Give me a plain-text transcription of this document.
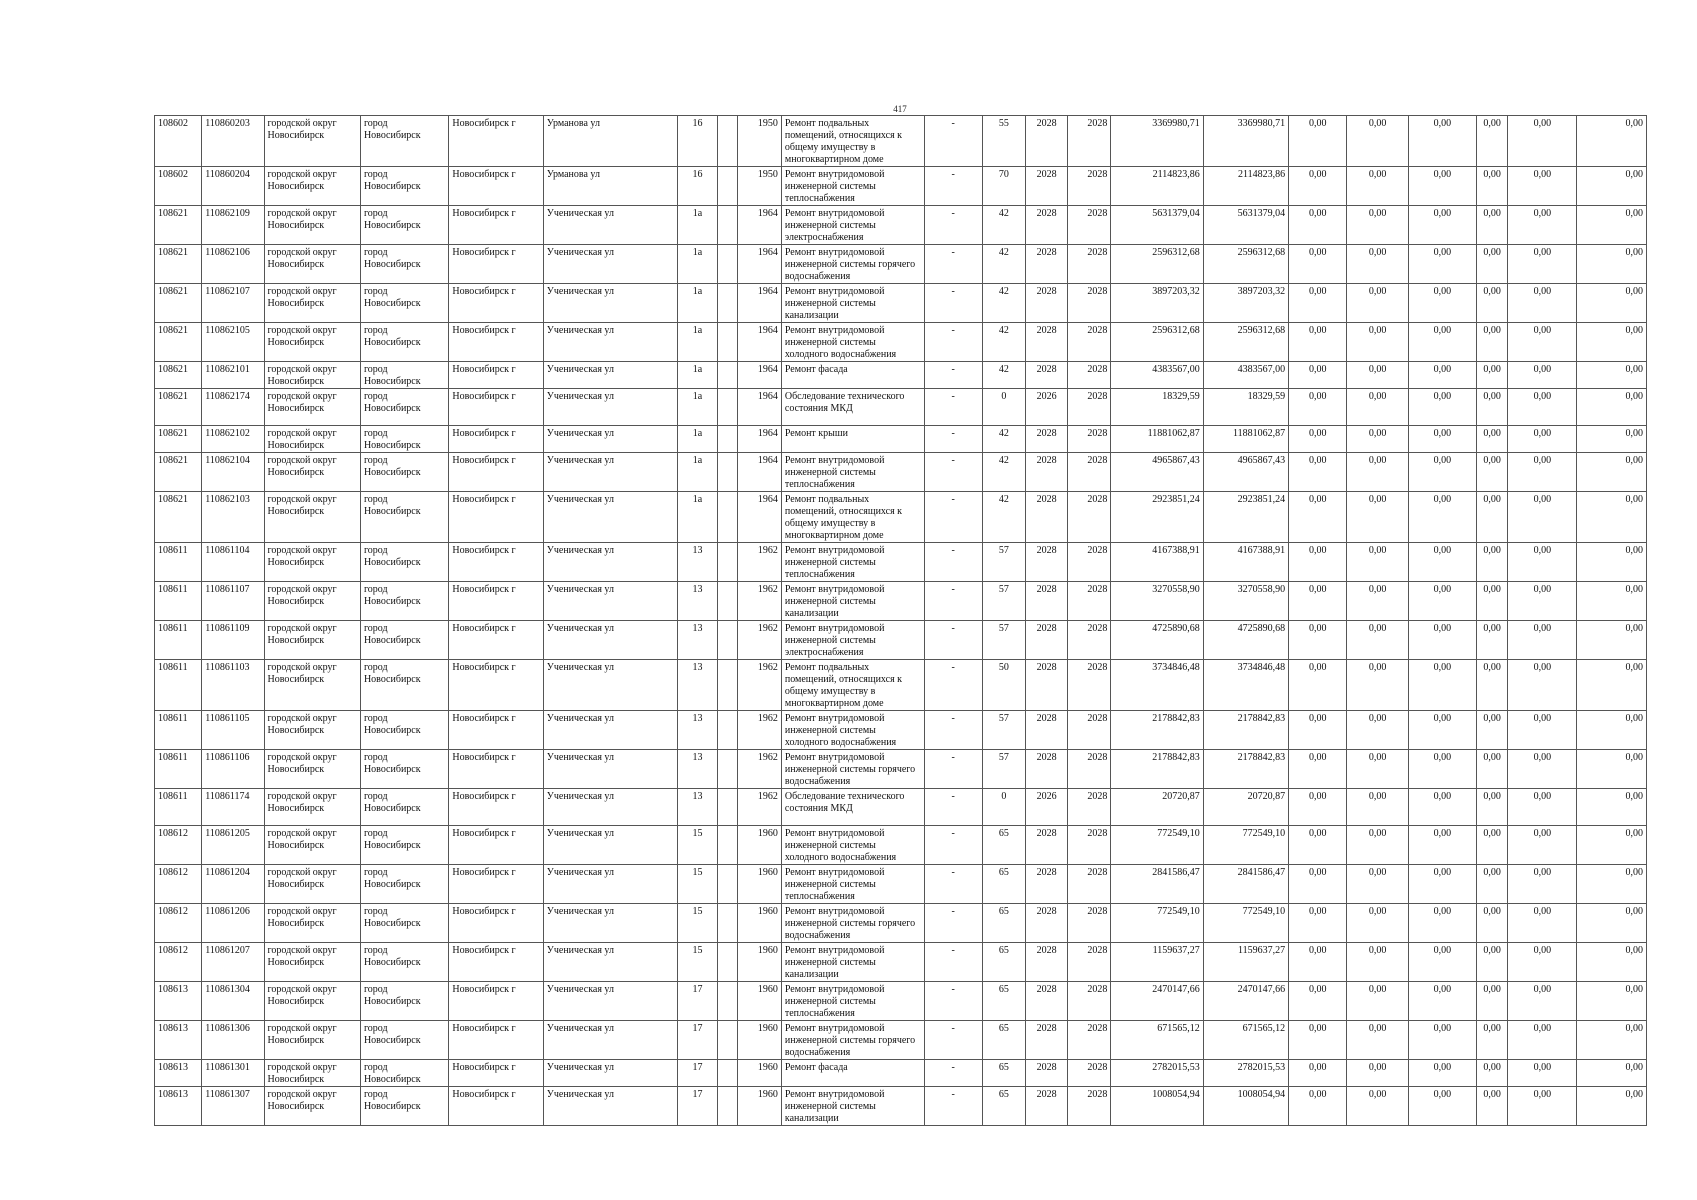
417
108602	110860203	городской округ Новосибирск	город Новосибирск	Новосибирск г	Урманова ул	16		1950	Ремонт подвальных помещений, относящихся к общему имуществу в многоквартирном доме	-	55	2028	2028	3369980,71	3369980,71	0,00	0,00	0,00	0,00	0,00	0,00
108602	110860204	городской округ Новосибирск	город Новосибирск	Новосибирск г	Урманова ул	16		1950	Ремонт внутридомовой инженерной системы теплоснабжения	-	70	2028	2028	2114823,86	2114823,86	0,00	0,00	0,00	0,00	0,00	0,00
108621	110862109	городской округ Новосибирск	город Новосибирск	Новосибирск г	Ученическая ул	1а		1964	Ремонт внутридомовой инженерной системы электроснабжения	-	42	2028	2028	5631379,04	5631379,04	0,00	0,00	0,00	0,00	0,00	0,00
108621	110862106	городской округ Новосибирск	город Новосибирск	Новосибирск г	Ученическая ул	1а		1964	Ремонт внутридомовой инженерной системы горячего водоснабжения	-	42	2028	2028	2596312,68	2596312,68	0,00	0,00	0,00	0,00	0,00	0,00
108621	110862107	городской округ Новосибирск	город Новосибирск	Новосибирск г	Ученическая ул	1а		1964	Ремонт внутридомовой инженерной системы канализации	-	42	2028	2028	3897203,32	3897203,32	0,00	0,00	0,00	0,00	0,00	0,00
108621	110862105	городской округ Новосибирск	город Новосибирск	Новосибирск г	Ученическая ул	1а		1964	Ремонт внутридомовой инженерной системы холодного водоснабжения	-	42	2028	2028	2596312,68	2596312,68	0,00	0,00	0,00	0,00	0,00	0,00
108621	110862101	городской округ Новосибирск	город Новосибирск	Новосибирск г	Ученическая ул	1а		1964	Ремонт фасада	-	42	2028	2028	4383567,00	4383567,00	0,00	0,00	0,00	0,00	0,00	0,00
108621	110862174	городской округ Новосибирск	город Новосибирск	Новосибирск г	Ученическая ул	1а		1964	Обследование технического состояния МКД	-	0	2026	2028	18329,59	18329,59	0,00	0,00	0,00	0,00	0,00	0,00
108621	110862102	городской округ Новосибирск	город Новосибирск	Новосибирск г	Ученическая ул	1а		1964	Ремонт крыши	-	42	2028	2028	11881062,87	11881062,87	0,00	0,00	0,00	0,00	0,00	0,00
108621	110862104	городской округ Новосибирск	город Новосибирск	Новосибирск г	Ученическая ул	1а		1964	Ремонт внутридомовой инженерной системы теплоснабжения	-	42	2028	2028	4965867,43	4965867,43	0,00	0,00	0,00	0,00	0,00	0,00
108621	110862103	городской округ Новосибирск	город Новосибирск	Новосибирск г	Ученическая ул	1а		1964	Ремонт подвальных помещений, относящихся к общему имуществу в многоквартирном доме	-	42	2028	2028	2923851,24	2923851,24	0,00	0,00	0,00	0,00	0,00	0,00
108611	110861104	городской округ Новосибирск	город Новосибирск	Новосибирск г	Ученическая ул	13		1962	Ремонт внутридомовой инженерной системы теплоснабжения	-	57	2028	2028	4167388,91	4167388,91	0,00	0,00	0,00	0,00	0,00	0,00
108611	110861107	городской округ Новосибирск	город Новосибирск	Новосибирск г	Ученическая ул	13		1962	Ремонт внутридомовой инженерной системы канализации	-	57	2028	2028	3270558,90	3270558,90	0,00	0,00	0,00	0,00	0,00	0,00
108611	110861109	городской округ Новосибирск	город Новосибирск	Новосибирск г	Ученическая ул	13		1962	Ремонт внутридомовой инженерной системы электроснабжения	-	57	2028	2028	4725890,68	4725890,68	0,00	0,00	0,00	0,00	0,00	0,00
108611	110861103	городской округ Новосибирск	город Новосибирск	Новосибирск г	Ученическая ул	13		1962	Ремонт подвальных помещений, относящихся к общему имуществу в многоквартирном доме	-	50	2028	2028	3734846,48	3734846,48	0,00	0,00	0,00	0,00	0,00	0,00
108611	110861105	городской округ Новосибирск	город Новосибирск	Новосибирск г	Ученическая ул	13		1962	Ремонт внутридомовой инженерной системы холодного водоснабжения	-	57	2028	2028	2178842,83	2178842,83	0,00	0,00	0,00	0,00	0,00	0,00
108611	110861106	городской округ Новосибирск	город Новосибирск	Новосибирск г	Ученическая ул	13		1962	Ремонт внутридомовой инженерной системы горячего водоснабжения	-	57	2028	2028	2178842,83	2178842,83	0,00	0,00	0,00	0,00	0,00	0,00
108611	110861174	городской округ Новосибирск	город Новосибирск	Новосибирск г	Ученическая ул	13		1962	Обследование технического состояния МКД	-	0	2026	2028	20720,87	20720,87	0,00	0,00	0,00	0,00	0,00	0,00
108612	110861205	городской округ Новосибирск	город Новосибирск	Новосибирск г	Ученическая ул	15		1960	Ремонт внутридомовой инженерной системы холодного водоснабжения	-	65	2028	2028	772549,10	772549,10	0,00	0,00	0,00	0,00	0,00	0,00
108612	110861204	городской округ Новосибирск	город Новосибирск	Новосибирск г	Ученическая ул	15		1960	Ремонт внутридомовой инженерной системы теплоснабжения	-	65	2028	2028	2841586,47	2841586,47	0,00	0,00	0,00	0,00	0,00	0,00
108612	110861206	городской округ Новосибирск	город Новосибирск	Новосибирск г	Ученическая ул	15		1960	Ремонт внутридомовой инженерной системы горячего водоснабжения	-	65	2028	2028	772549,10	772549,10	0,00	0,00	0,00	0,00	0,00	0,00
108612	110861207	городской округ Новосибирск	город Новосибирск	Новосибирск г	Ученическая ул	15		1960	Ремонт внутридомовой инженерной системы канализации	-	65	2028	2028	1159637,27	1159637,27	0,00	0,00	0,00	0,00	0,00	0,00
108613	110861304	городской округ Новосибирск	город Новосибирск	Новосибирск г	Ученическая ул	17		1960	Ремонт внутридомовой инженерной системы теплоснабжения	-	65	2028	2028	2470147,66	2470147,66	0,00	0,00	0,00	0,00	0,00	0,00
108613	110861306	городской округ Новосибирск	город Новосибирск	Новосибирск г	Ученическая ул	17		1960	Ремонт внутридомовой инженерной системы горячего водоснабжения	-	65	2028	2028	671565,12	671565,12	0,00	0,00	0,00	0,00	0,00	0,00
108613	110861301	городской округ Новосибирск	город Новосибирск	Новосибирск г	Ученическая ул	17		1960	Ремонт фасада	-	65	2028	2028	2782015,53	2782015,53	0,00	0,00	0,00	0,00	0,00	0,00
108613	110861307	городской округ Новосибирск	город Новосибирск	Новосибирск г	Ученическая ул	17		1960	Ремонт внутридомовой инженерной системы канализации	-	65	2028	2028	1008054,94	1008054,94	0,00	0,00	0,00	0,00	0,00	0,00
